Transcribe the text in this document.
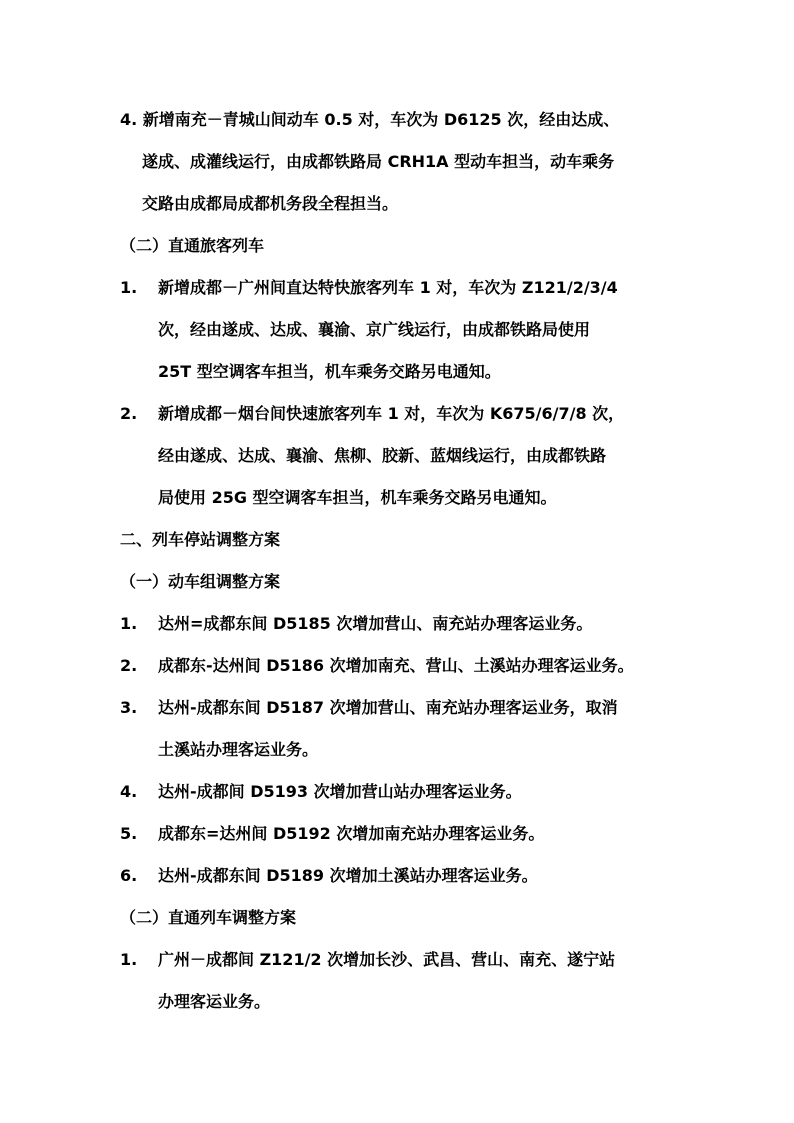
4. 新增南充－青城山间动车 0.5 对，车次为 D6125 次，经由达成、
遂成、成灌线运行，由成都铁路局 CRH1A 型动车担当，动车乘务
交路由成都局成都机务段全程担当。
（二）直通旅客列车
1.	新增成都－广州间直达特快旅客列车 1 对，车次为 Z121/2/3/4
次，经由遂成、达成、襄渝、京广线运行，由成都铁路局使用
25T 型空调客车担当，机车乘务交路另电通知。
2.	新增成都－烟台间快速旅客列车 1 对，车次为 K675/6/7/8 次，
经由遂成、达成、襄渝、焦柳、胶新、蓝烟线运行，由成都铁路
局使用 25G 型空调客车担当，机车乘务交路另电通知。
二、列车停站调整方案
（一）动车组调整方案
1.	达州=成都东间 D5185 次增加营山、南充站办理客运业务。
2.	成都东-达州间 D5186 次增加南充、营山、土溪站办理客运业务。
3.	达州-成都东间 D5187 次增加营山、南充站办理客运业务，取消
土溪站办理客运业务。
4.	达州-成都间 D5193 次增加营山站办理客运业务。
5.	成都东=达州间 D5192 次增加南充站办理客运业务。
6.	达州-成都东间 D5189 次增加土溪站办理客运业务。
（二）直通列车调整方案
1.	广州－成都间 Z121/2 次增加长沙、武昌、营山、南充、遂宁站
办理客运业务。
